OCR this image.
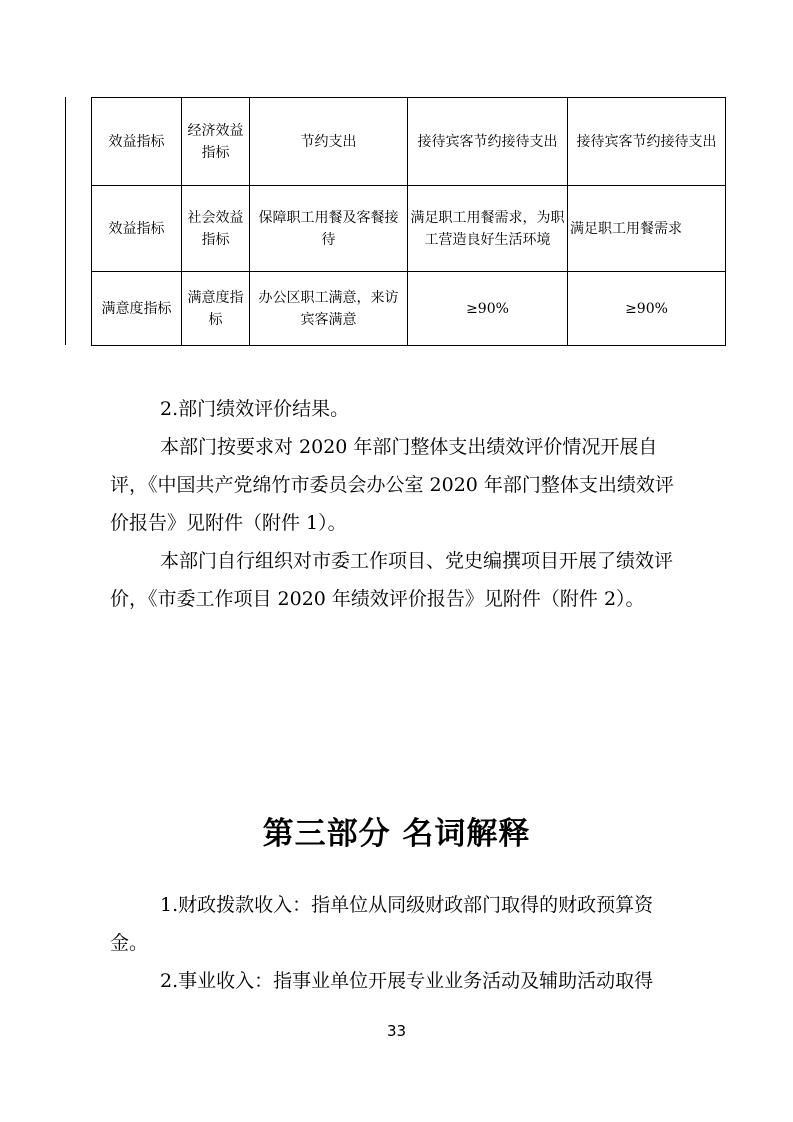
效益指标	经济效益指标	节约支出	接待宾客节约接待支出	接待宾客节约接待支出
效益指标	社会效益指标	保障职工用餐及客餐接待	满足职工用餐需求，为职工营造良好生活环境	满足职工用餐需求
满意度指标	满意度指标	办公区职工满意，来访宾客满意	≥90%	≥90%

2.部门绩效评价结果。

本部门按要求对 2020 年部门整体支出绩效评价情况开展自评，《中国共产党绵竹市委员会办公室 2020 年部门整体支出绩效评价报告》见附件（附件 1）。

本部门自行组织对市委工作项目、党史编撰项目开展了绩效评价，《市委工作项目 2020 年绩效评价报告》见附件（附件 2）。

第三部分 名词解释

1.财政拨款收入：指单位从同级财政部门取得的财政预算资金。

2.事业收入：指事业单位开展专业业务活动及辅助活动取得

33
